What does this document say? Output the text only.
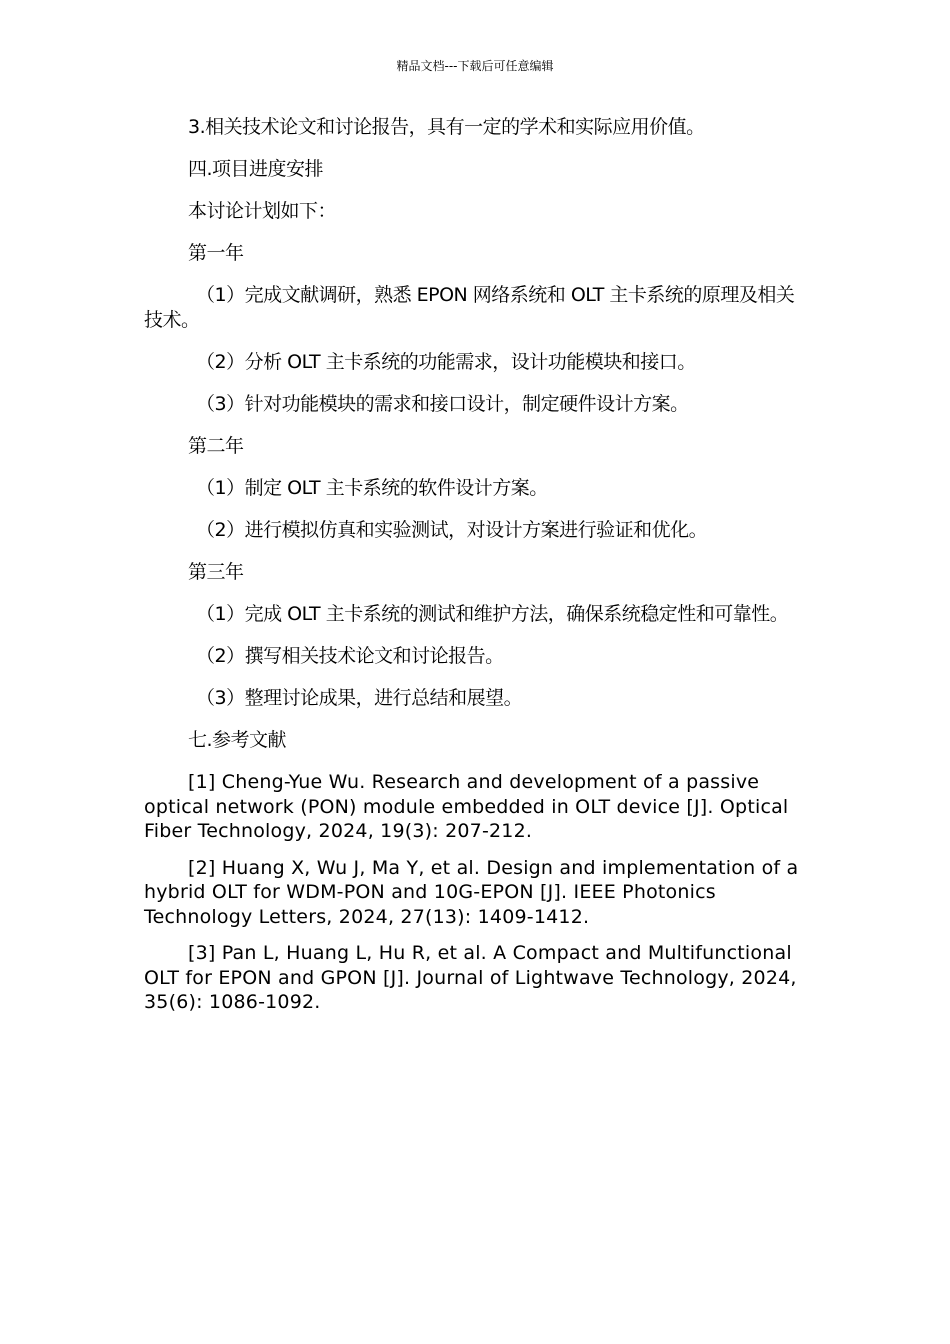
精品文档---下载后可任意编辑

3.相关技术论文和讨论报告，具有一定的学术和实际应用价值。

四.项目进度安排

本讨论计划如下：

第一年

（1）完成文献调研，熟悉 EPON 网络系统和 OLT 主卡系统的原理及相关技术。

（2）分析 OLT 主卡系统的功能需求，设计功能模块和接口。

（3）针对功能模块的需求和接口设计，制定硬件设计方案。

第二年

（1）制定 OLT 主卡系统的软件设计方案。

（2）进行模拟仿真和实验测试，对设计方案进行验证和优化。

第三年

（1）完成 OLT 主卡系统的测试和维护方法，确保系统稳定性和可靠性。

（2）撰写相关技术论文和讨论报告。

（3）整理讨论成果，进行总结和展望。

七.参考文献

[1] Cheng-Yue Wu. Research and development of a passive optical network (PON) module embedded in OLT device [J]. Optical Fiber Technology, 2024, 19(3): 207-212.

[2] Huang X, Wu J, Ma Y, et al. Design and implementation of a hybrid OLT for WDM-PON and 10G-EPON [J]. IEEE Photonics Technology Letters, 2024, 27(13): 1409-1412.

[3] Pan L, Huang L, Hu R, et al. A Compact and Multifunctional OLT for EPON and GPON [J]. Journal of Lightwave Technology, 2024, 35(6): 1086-1092.
